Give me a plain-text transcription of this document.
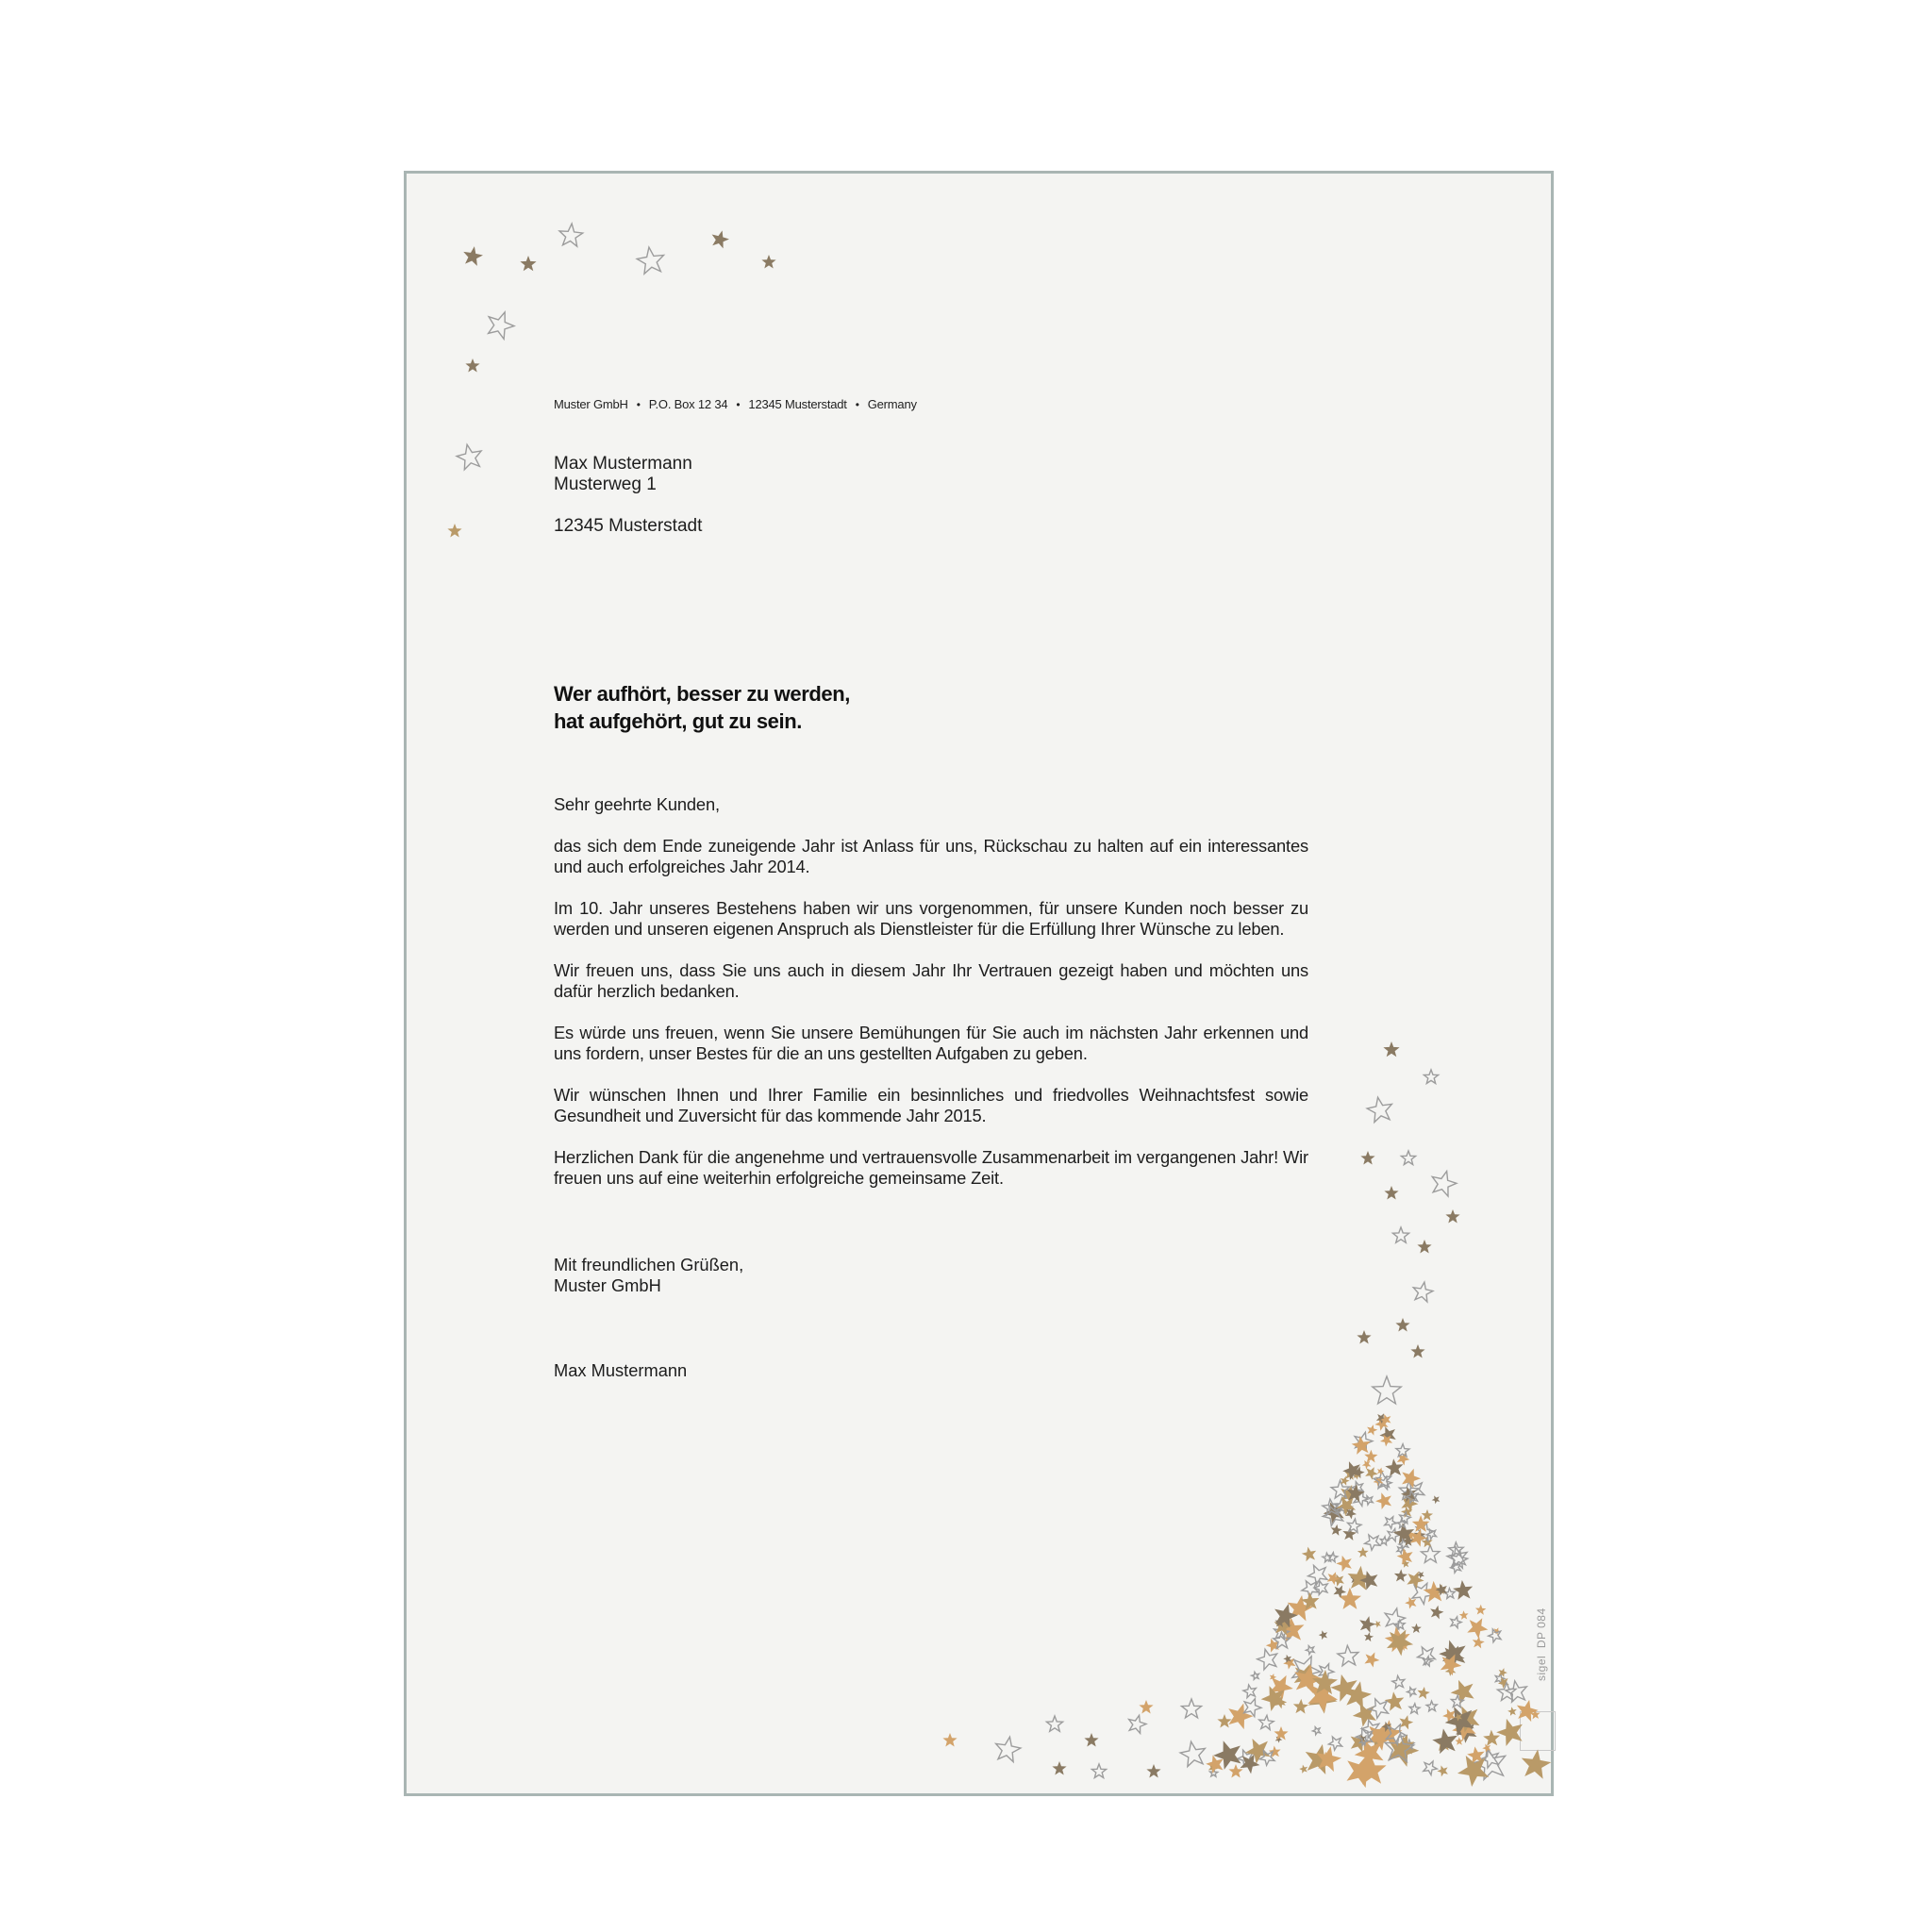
Muster GmbH • P.O. Box 12 34 • 12345 Musterstadt • Germany
Max Mustermann
Musterweg 1
12345 Musterstadt
Wer aufhört, besser zu werden,
hat aufgehört, gut zu sein.

Sehr geehrte Kunden,

das sich dem Ende zuneigende Jahr ist Anlass für uns, Rückschau zu halten auf ein interessantes und auch erfolgreiches Jahr 2014.

Im 10. Jahr unseres Bestehens haben wir uns vorgenommen, für unsere Kunden noch besser zu werden und unseren eigenen Anspruch als Dienstleister für die Erfüllung Ihrer Wünsche zu leben.

Wir freuen uns, dass Sie uns auch in diesem Jahr Ihr Vertrauen gezeigt haben und möchten uns dafür herzlich bedanken.

Es würde uns freuen, wenn Sie unsere Bemühungen für Sie auch im nächsten Jahr erkennen und uns fordern, unser Bestes für die an uns gestellten Aufgaben zu geben.

Wir wünschen Ihnen und Ihrer Familie ein besinnliches und friedvolles Weihnachtsfest sowie Gesundheit und Zuversicht für das kommende Jahr 2015.

Herzlichen Dank für die angenehme und vertrauensvolle Zusammenarbeit im vergangenen Jahr! Wir freuen uns auf eine weiterhin erfolgreiche gemeinsame Zeit.

Mit freundlichen Grüßen,
Muster GmbH
Max Mustermann
sigel  DP 084
